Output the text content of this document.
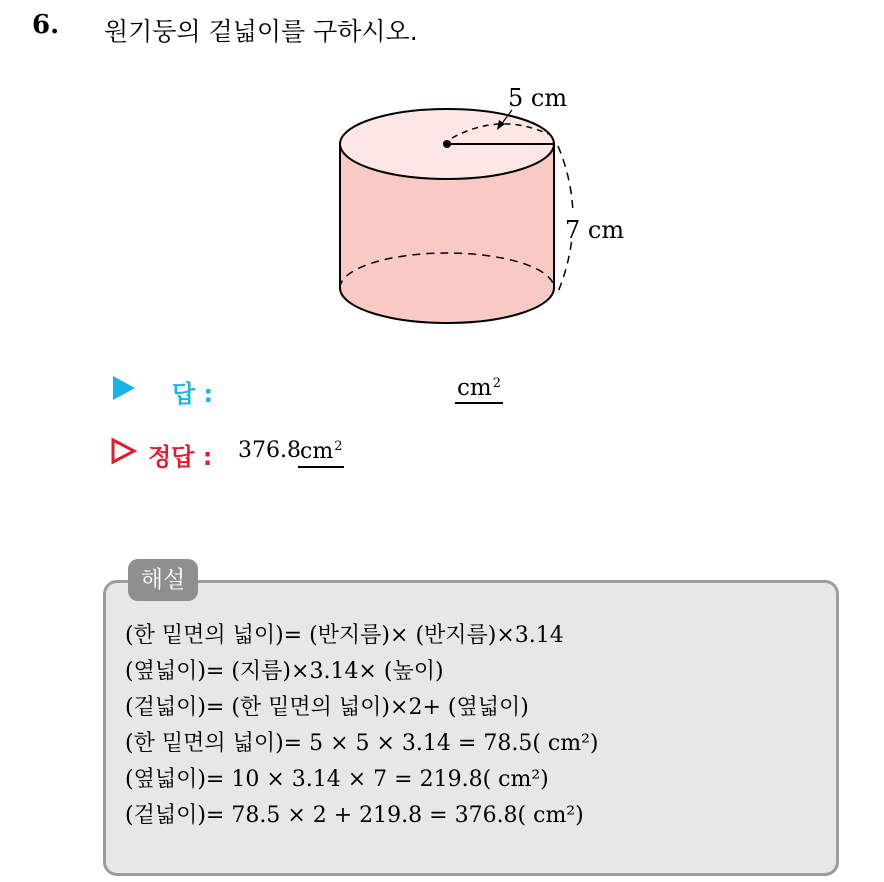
6. 원기둥의 겉넓이를 구하시오.
5 cm
7 cm
답 :	$cm^2$
정답 : 376.8 $cm^2$
해설
(한 밑면의 넓이)= (반지름)× (반지름)×3.14
(옆넓이)= (지름)×3.14× (높이)
(겉넓이)= (한 밑면의 넓이)×2+ (옆넓이)
(한 밑면의 넓이)= 5 × 5 × 3.14 = 78.5( cm²)
(옆넓이)= 10 × 3.14 × 7 = 219.8( cm²)
(겉넓이)= 78.5 × 2 + 219.8 = 376.8( cm²)
